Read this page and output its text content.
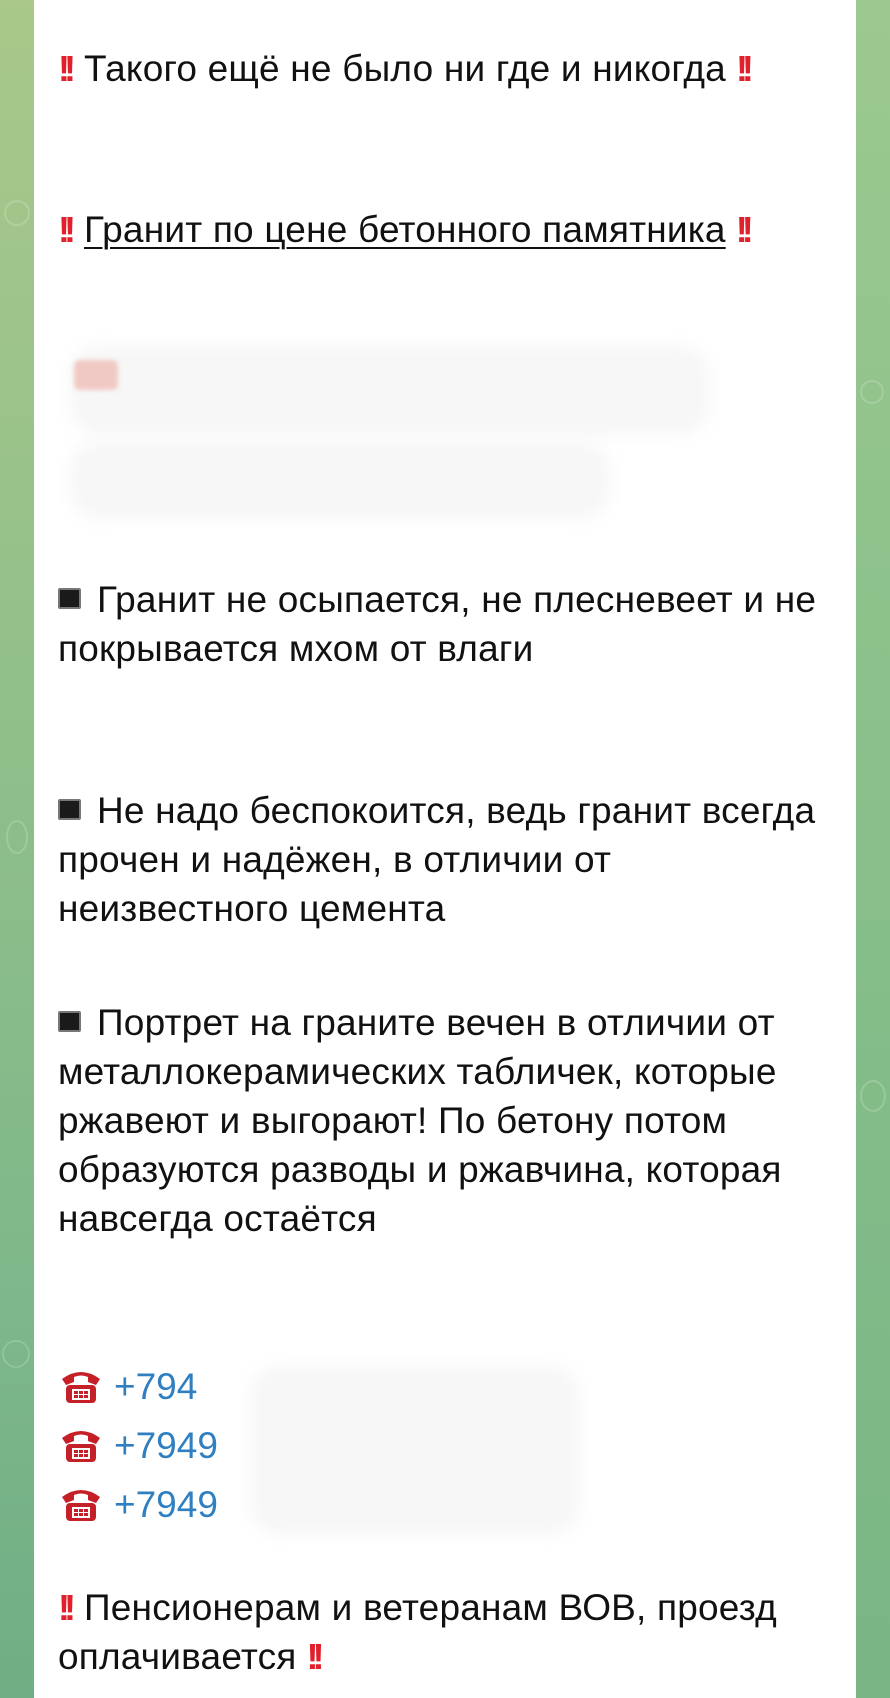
!! Такого ещё не было ни где и никогда !!
!! Гранит по цене бетонного памятника !!
Гранит не осыпается, не плесневеет и не покрывается мхом от влаги
Не надо беспокоится, ведь гранит всегда прочен и надёжен, в отличии от неизвестного цемента
Портрет на граните вечен в отличии от металлокерамических табличек, которые ржавеют и выгорают! По бетону потом образуются разводы и ржавчина, которая навсегда остаётся
+794
+7949
+7949
!! Пенсионерам и ветеранам ВОВ, проезд оплачивается !!
